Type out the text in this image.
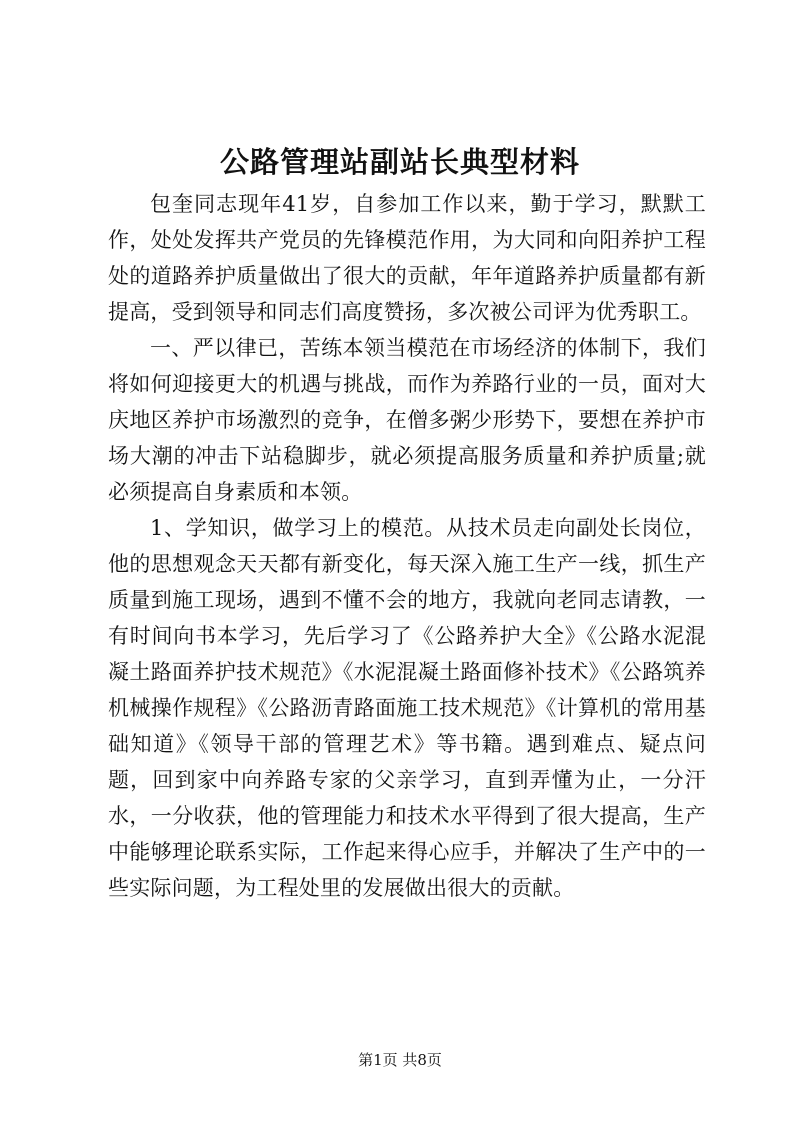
公路管理站副站长典型材料

包奎同志现年41岁，自参加工作以来，勤于学习，默默工作，处处发挥共产党员的先锋模范作用，为大同和向阳养护工程处的道路养护质量做出了很大的贡献，年年道路养护质量都有新提高，受到领导和同志们高度赞扬，多次被公司评为优秀职工。

一、严以律已，苦练本领当模范在市场经济的体制下，我们将如何迎接更大的机遇与挑战，而作为养路行业的一员，面对大庆地区养护市场激烈的竞争，在僧多粥少形势下，要想在养护市场大潮的冲击下站稳脚步，就必须提高服务质量和养护质量;就必须提高自身素质和本领。

1、学知识，做学习上的模范。从技术员走向副处长岗位，他的思想观念天天都有新变化，每天深入施工生产一线，抓生产质量到施工现场，遇到不懂不会的地方，我就向老同志请教，一有时间向书本学习，先后学习了《公路养护大全》《公路水泥混凝土路面养护技术规范》《水泥混凝土路面修补技术》《公路筑养机械操作规程》《公路沥青路面施工技术规范》《计算机的常用基础知道》《领导干部的管理艺术》等书籍。遇到难点、疑点问题，回到家中向养路专家的父亲学习，直到弄懂为止，一分汗水，一分收获，他的管理能力和技术水平得到了很大提高，生产中能够理论联系实际，工作起来得心应手，并解决了生产中的一些实际问题，为工程处里的发展做出很大的贡献。

第1页 共8页
